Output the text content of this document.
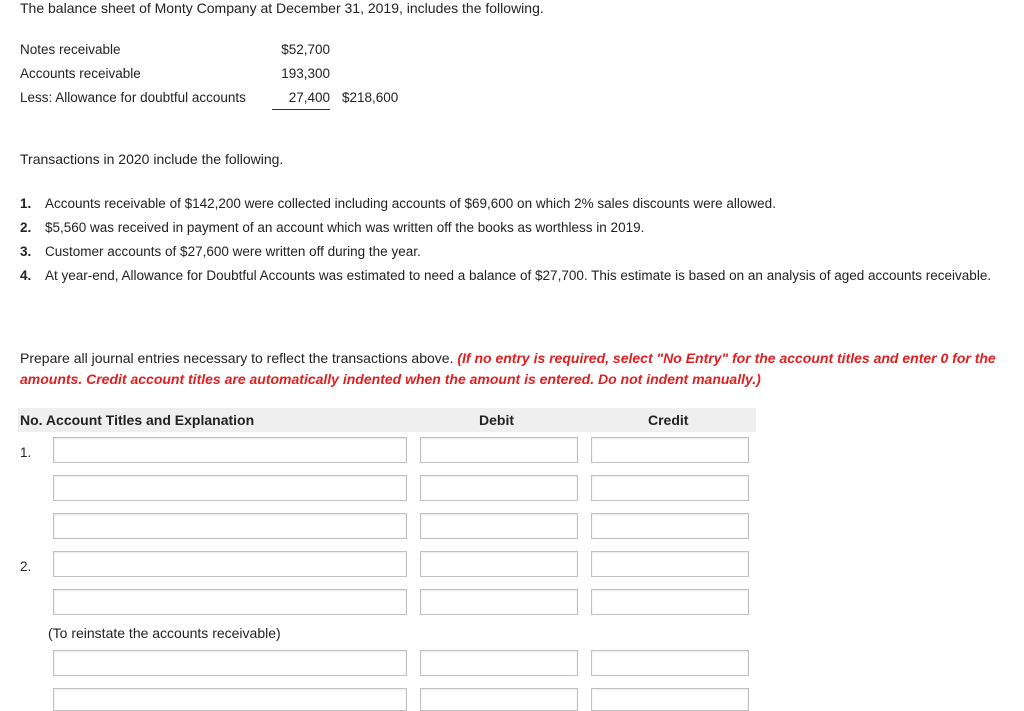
The balance sheet of Monty Company at December 31, 2019, includes the following.
Notes receivable	$52,700
Accounts receivable	193,300
Less: Allowance for doubtful accounts	27,400 $218,600
Transactions in 2020 include the following.
1. Accounts receivable of $142,200 were collected including accounts of $69,600 on which 2% sales discounts were allowed.
2. $5,560 was received in payment of an account which was written off the books as worthless in 2019.
3. Customer accounts of $27,600 were written off during the year.
4. At year-end, Allowance for Doubtful Accounts was estimated to need a balance of $27,700. This estimate is based on an analysis of aged accounts receivable.
Prepare all journal entries necessary to reflect the transactions above. (If no entry is required, select "No Entry" for the account titles and enter 0 for the amounts. Credit account titles are automatically indented when the amount is entered. Do not indent manually.)
No. Account Titles and Explanation	Debit	Credit
1.
2.
(To reinstate the accounts receivable)
